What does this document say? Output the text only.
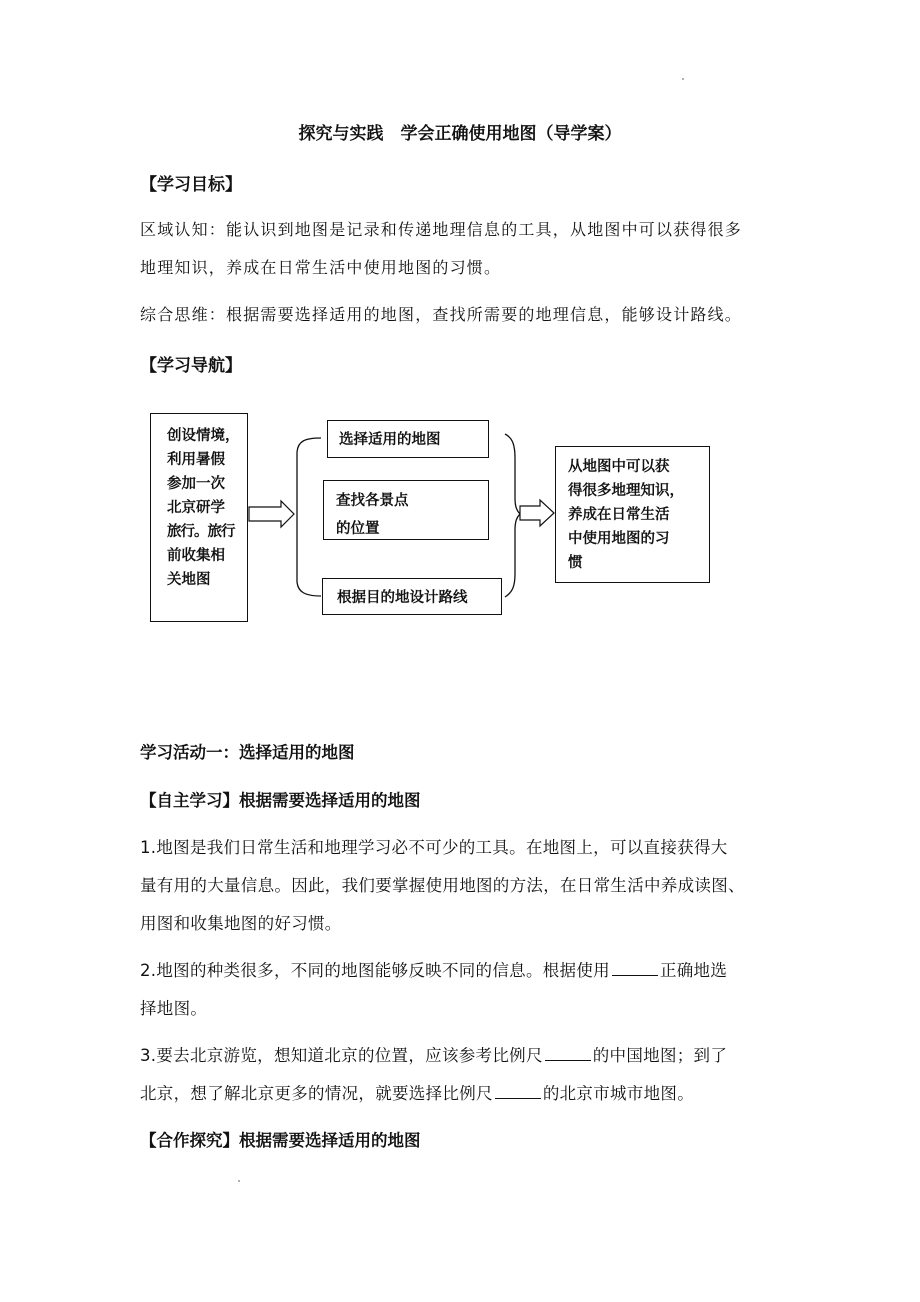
探究与实践　学会正确使用地图（导学案）

【学习目标】

区域认知：能认识到地图是记录和传递地理信息的工具，从地图中可以获得很多

地理知识，养成在日常生活中使用地图的习惯。

综合思维：根据需要选择适用的地图，查找所需要的地理信息，能够设计路线。

【学习导航】

创设情境，
利用暑假
参加一次
北京研学
旅行。旅行
前收集相
关地图
选择适用的地图
查找各景点
的位置
根据目的地设计路线
从地图中可以获
得很多地理知识，
养成在日常生活
中使用地图的习
惯

学习活动一：选择适用的地图

【自主学习】根据需要选择适用的地图

1.地图是我们日常生活和地理学习必不可少的工具。在地图上，可以直接获得大

量有用的大量信息。因此，我们要掌握使用地图的方法，在日常生活中养成读图、

用图和收集地图的好习惯。

2.地图的种类很多，不同的地图能够反映不同的信息。根据使用	正确地选

择地图。

3.要去北京游览，想知道北京的位置，应该参考比例尺	的中国地图；到了

北京，想了解北京更多的情况，就要选择比例尺	的北京市城市地图。

【合作探究】根据需要选择适用的地图
